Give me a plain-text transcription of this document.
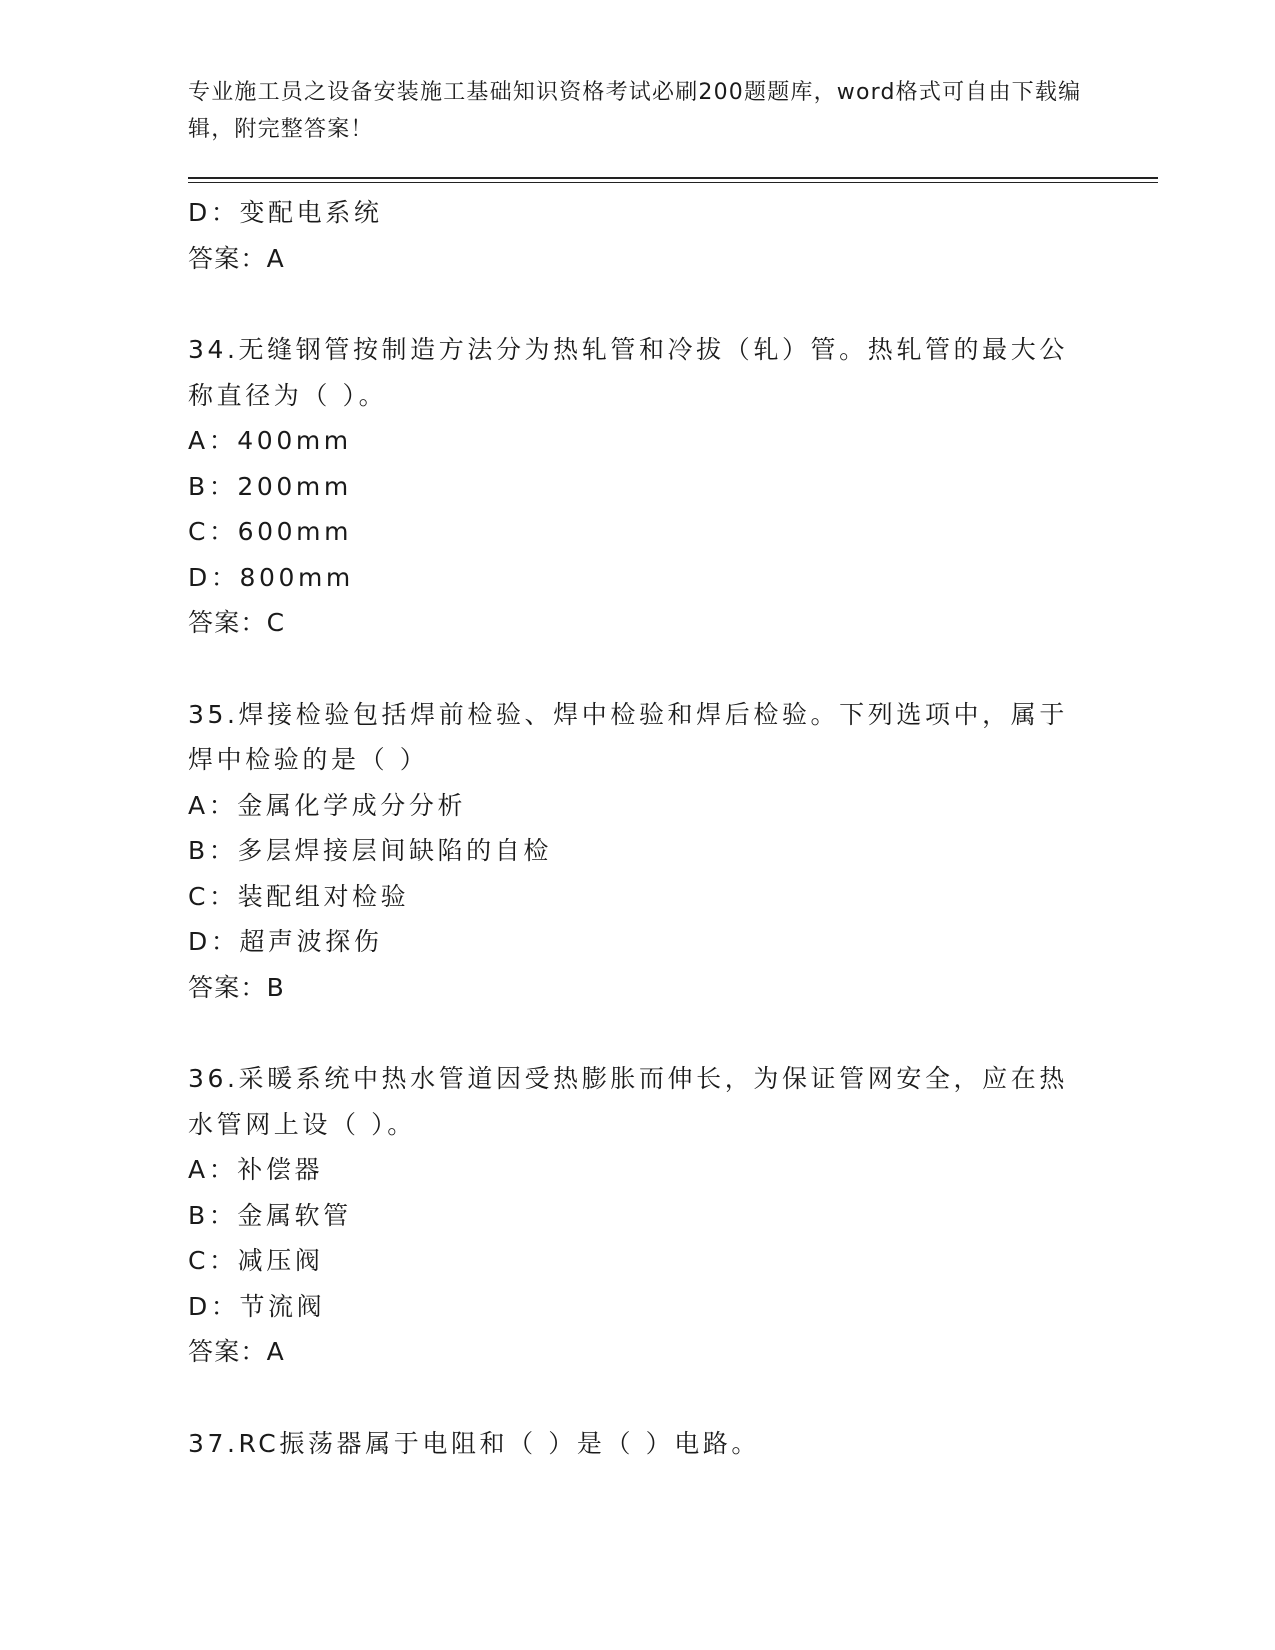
专业施工员之设备安装施工基础知识资格考试必刷200题题库，word格式可自由下载编辑，附完整答案！

D：变配电系统

答案：A

34.无缝钢管按制造方法分为热轧管和冷拔（轧）管。热轧管的最大公称直径为（ ）。

A：400mm

B：200mm

C：600mm

D：800mm

答案：C

35.焊接检验包括焊前检验、焊中检验和焊后检验。下列选项中，属于焊中检验的是（ ）

A：金属化学成分分析

B：多层焊接层间缺陷的自检

C：装配组对检验

D：超声波探伤

答案：B

36.采暖系统中热水管道因受热膨胀而伸长，为保证管网安全，应在热水管网上设（ ）。

A：补偿器

B：金属软管

C：减压阀

D：节流阀

答案：A

37.RC振荡器属于电阻和（ ）是（ ）电路。
